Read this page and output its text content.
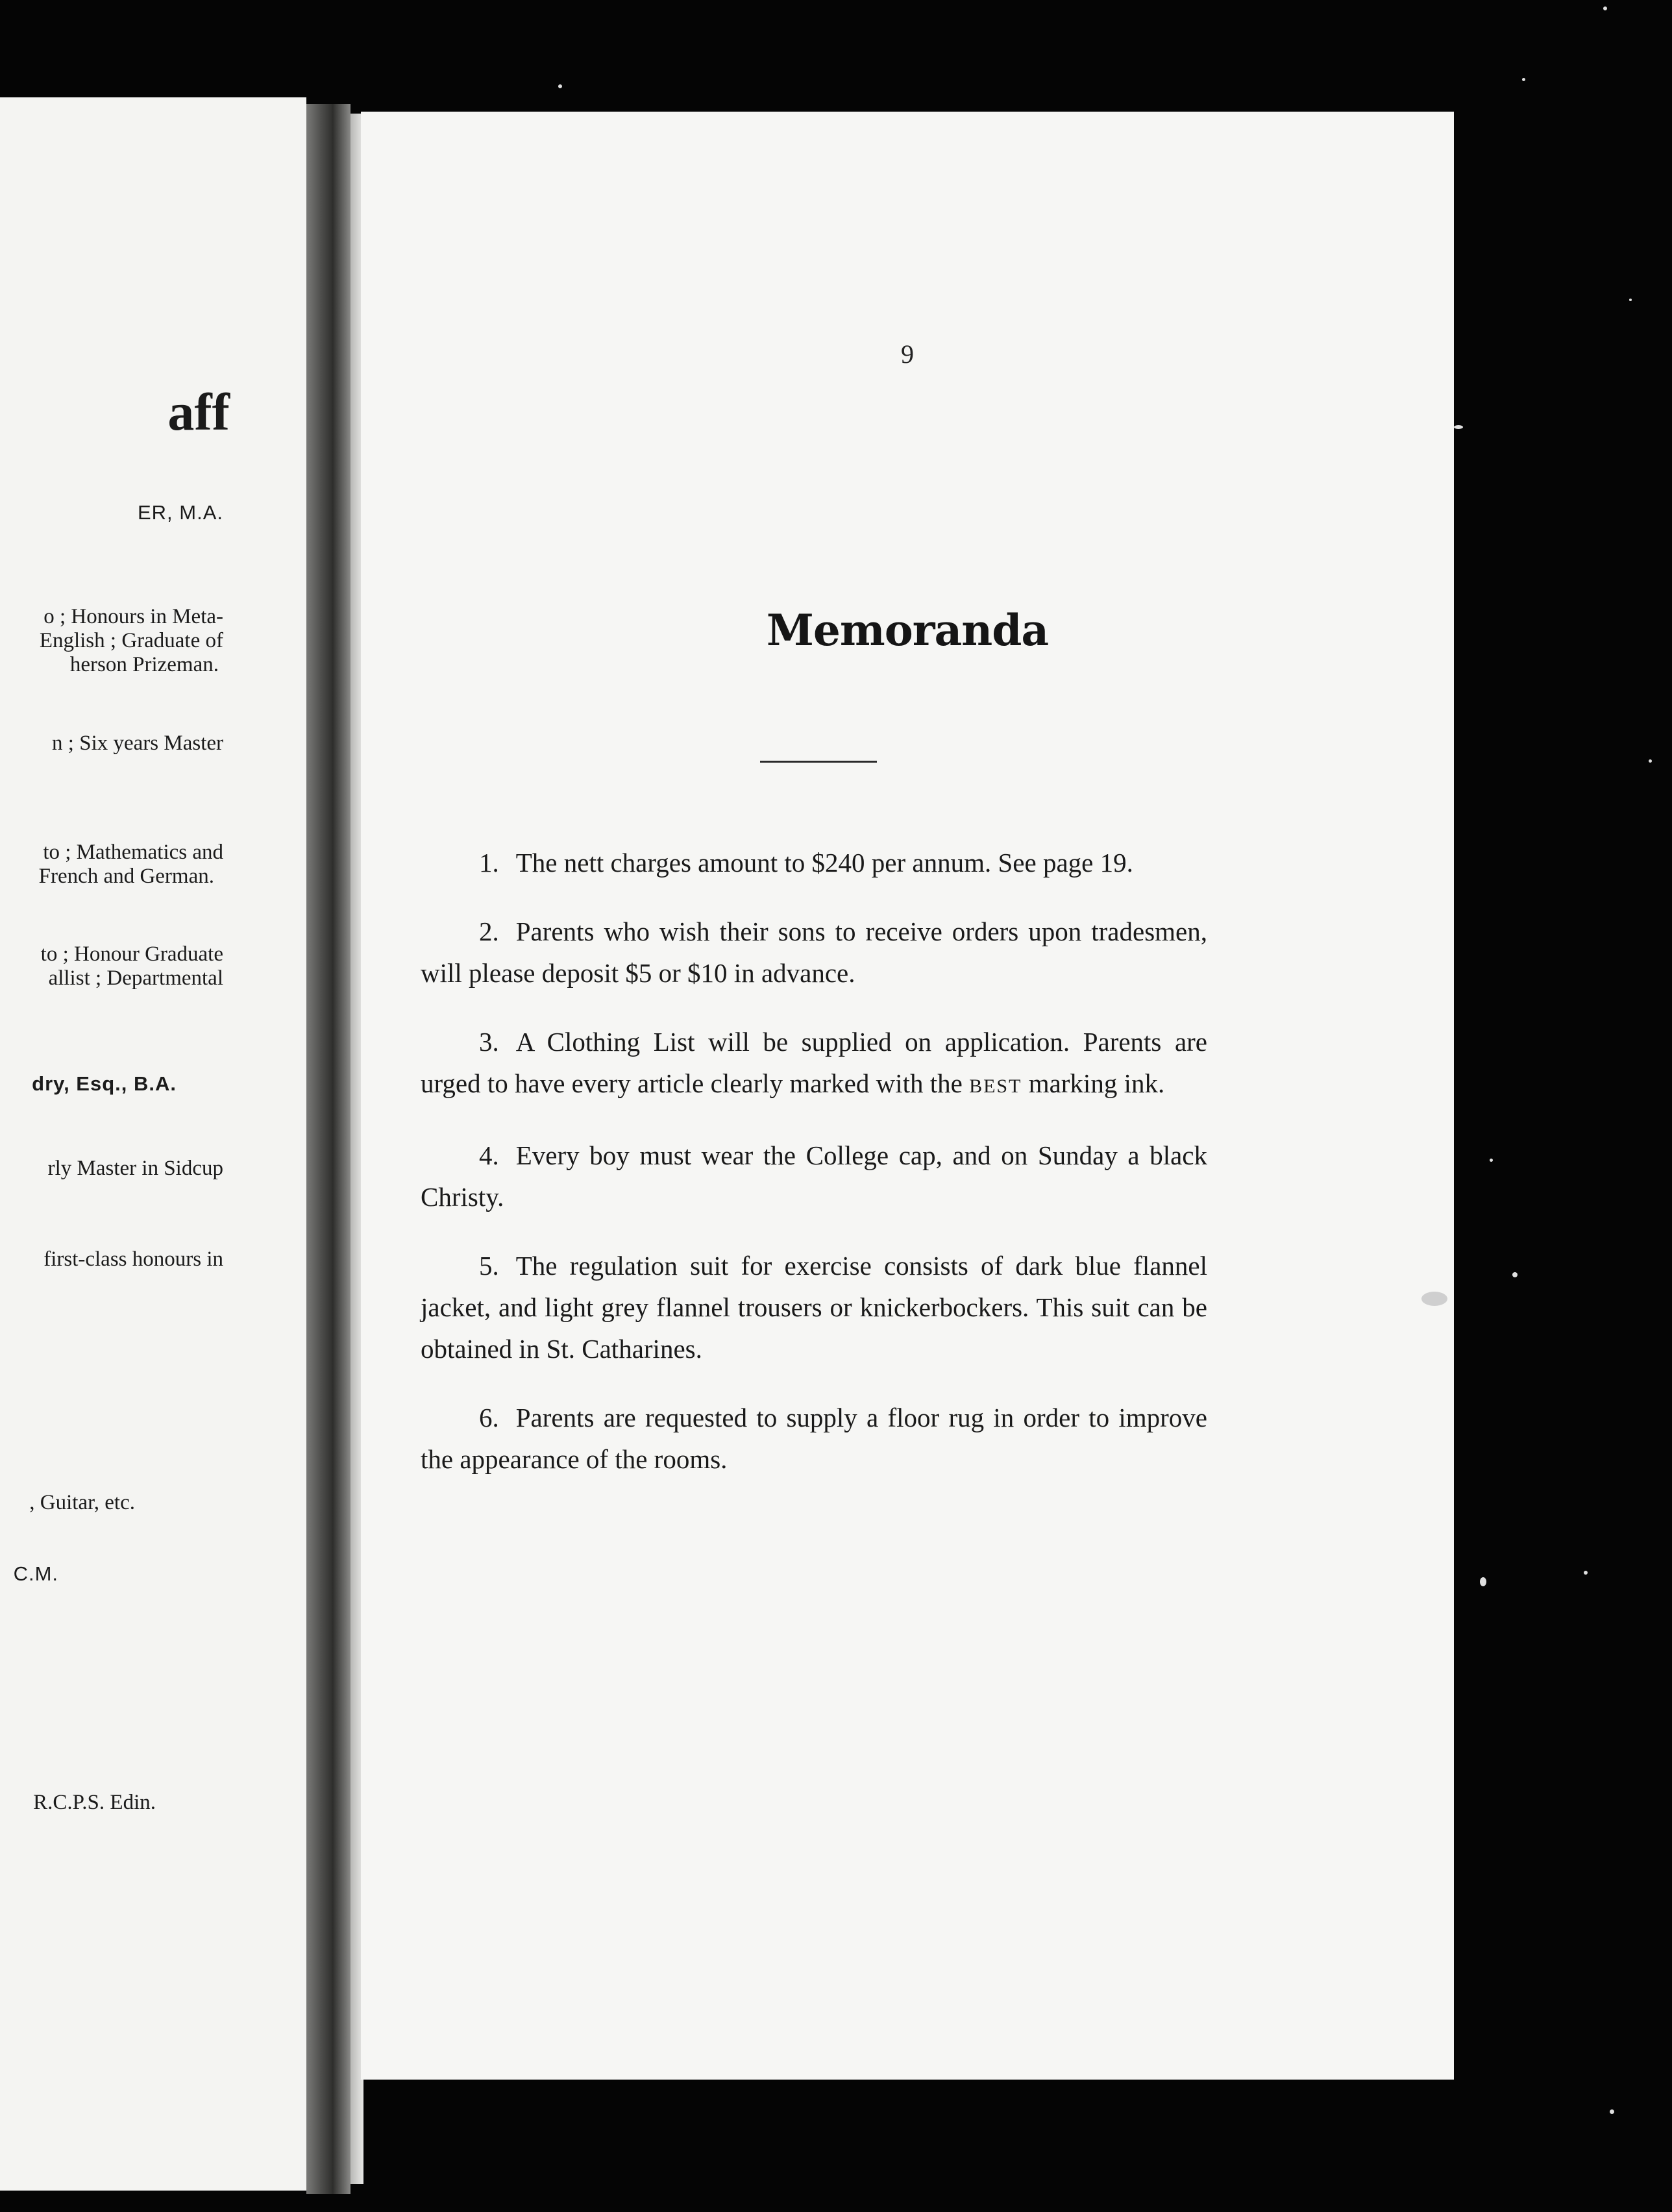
aff
ER, M.A.
o ; Honours in Meta-
English ; Graduate of
herson Prizeman.
n ; Six years Master
to ; Mathematics and
French and German.
to ; Honour Graduate
allist ; Departmental
dry, Esq., B.A.
rly Master in Sidcup
first-class honours in
, Guitar, etc.
C.M.
R.C.P.S. Edin.
9
Memoranda

1. The nett charges amount to $240 per annum. See page 19.

2. Parents who wish their sons to receive orders upon tradesmen, will please deposit $5 or $10 in advance.

3. A Clothing List will be supplied on application. Parents are urged to have every article clearly marked with the BEST marking ink.

4. Every boy must wear the College cap, and on Sunday a black Christy.

5. The regulation suit for exercise consists of dark blue flannel jacket, and light grey flannel trousers or knickerbockers. This suit can be obtained in St. Catharines.

6. Parents are requested to supply a floor rug in order to improve the appearance of the rooms.
